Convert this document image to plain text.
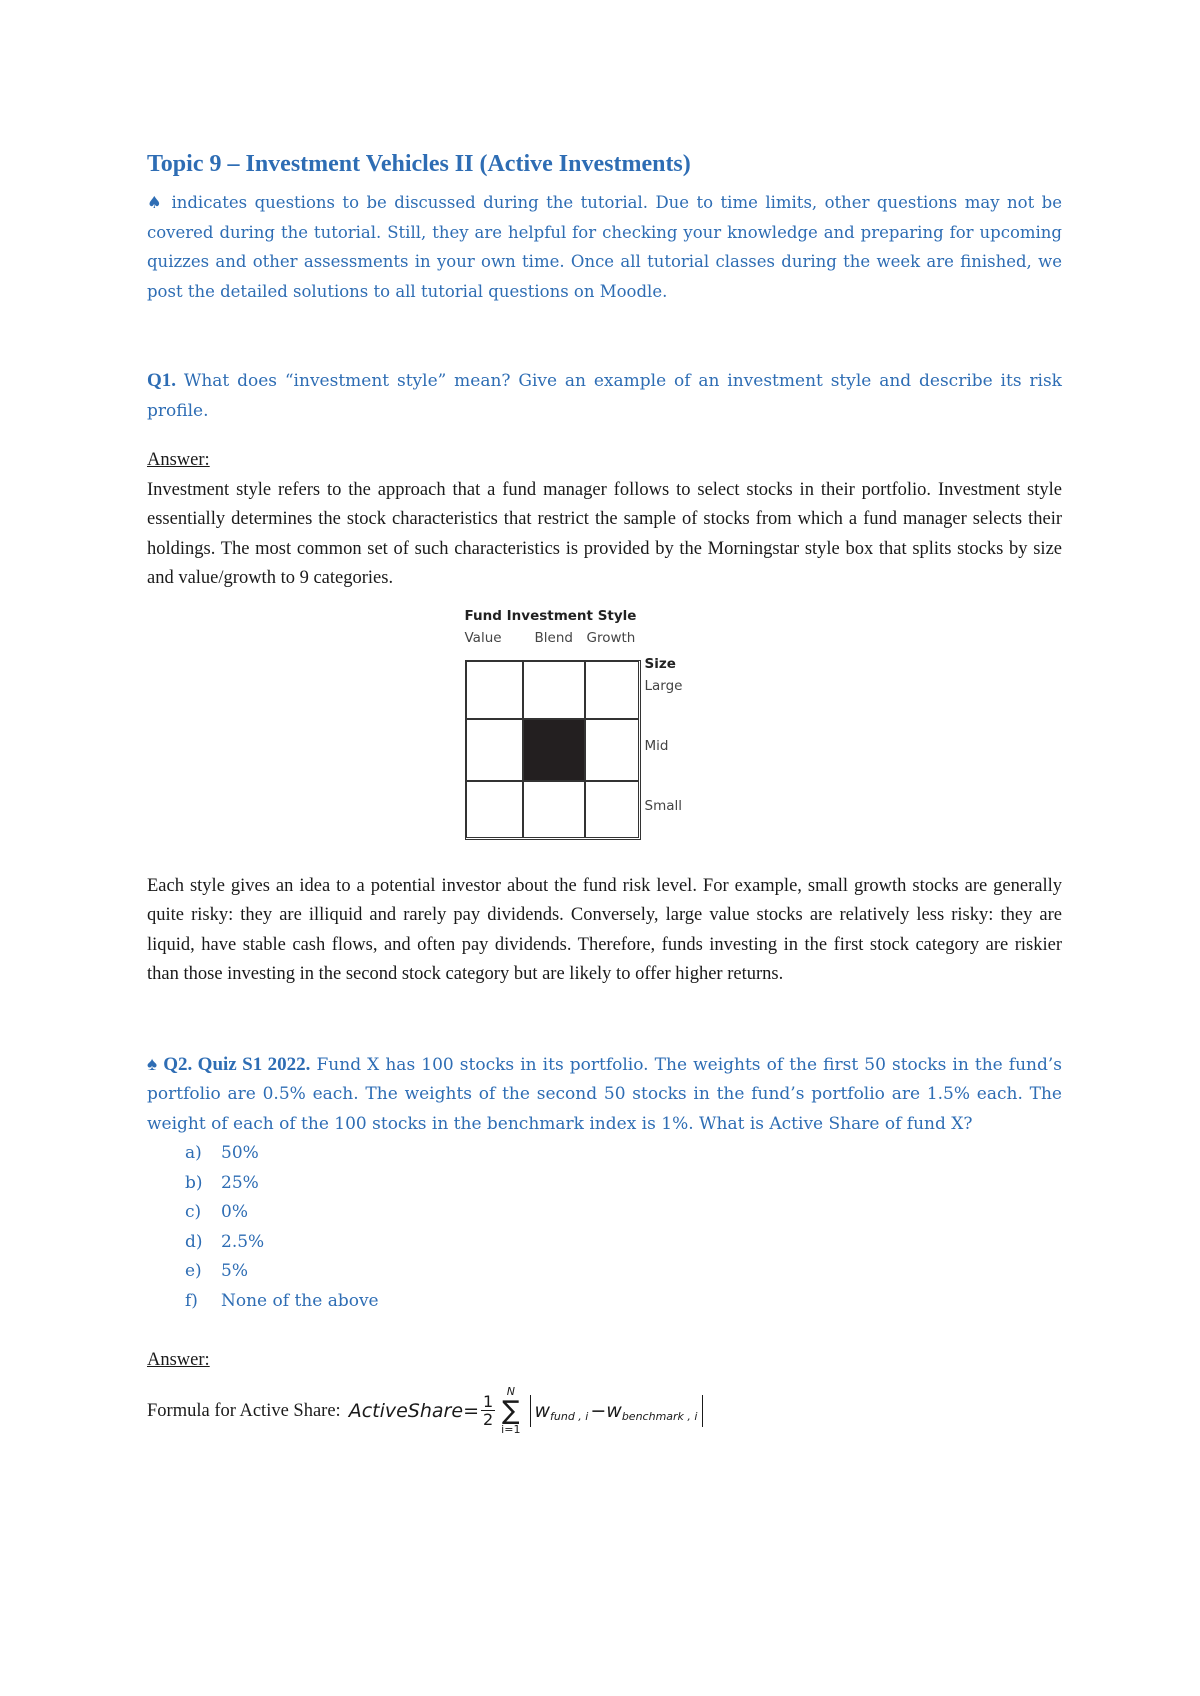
Topic 9 – Investment Vehicles II (Active Investments)

♠ indicates questions to be discussed during the tutorial. Due to time limits, other questions may not be covered during the tutorial. Still, they are helpful for checking your knowledge and preparing for upcoming quizzes and other assessments in your own time. Once all tutorial classes during the week are finished, we post the detailed solutions to all tutorial questions on Moodle.

Q1. What does “investment style” mean? Give an example of an investment style and describe its risk profile.

Answer:

Investment style refers to the approach that a fund manager follows to select stocks in their portfolio. Investment style essentially determines the stock characteristics that restrict the sample of stocks from which a fund manager selects their holdings. The most common set of such characteristics is provided by the Morningstar style box that splits stocks by size and value/growth to 9 categories.

Fund Investment Style
Value Blend Growth
Size
Large
Mid
Small

Each style gives an idea to a potential investor about the fund risk level. For example, small growth stocks are generally quite risky: they are illiquid and rarely pay dividends. Conversely, large value stocks are relatively less risky: they are liquid, have stable cash flows, and often pay dividends. Therefore, funds investing in the first stock category are riskier than those investing in the second stock category but are likely to offer higher returns.

♠ Q2. Quiz S1 2022. Fund X has 100 stocks in its portfolio. The weights of the first 50 stocks in the fund’s portfolio are 0.5% each. The weights of the second 50 stocks in the fund’s portfolio are 1.5% each. The weight of each of the 100 stocks in the benchmark index is 1%. What is Active Share of fund X?

a)	50%
b)	25%
c)	0%
d)	2.5%
e)	5%
f)	None of the above

Answer:

Formula for Active Share: ActiveShare = $\frac{1}{2}$
N
∑
i=1
w fund , i − w benchmark , i
